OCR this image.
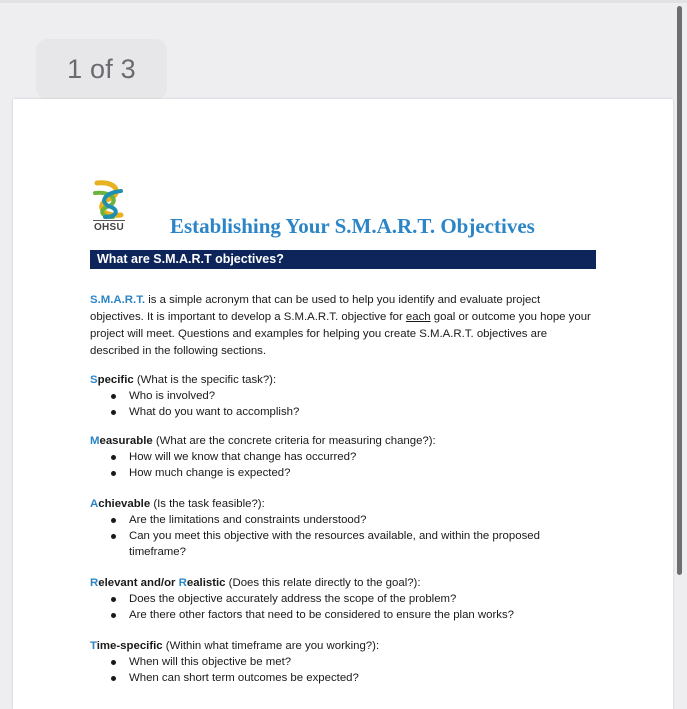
1 of 3
OHSU Establishing Your S.M.A.R.T. Objectives
What are S.M.A.R.T objectives?

S.M.A.R.T. is a simple acronym that can be used to help you identify and evaluate project objectives. It is important to develop a S.M.A.R.T. objective for each goal or outcome you hope your project will meet. Questions and examples for helping you create S.M.A.R.T. objectives are described in the following sections.

Specific (What is the specific task?):
Who is involved?
What do you want to accomplish?
Measurable (What are the concrete criteria for measuring change?):
How will we know that change has occurred?
How much change is expected?
Achievable (Is the task feasible?):
Are the limitations and constraints understood?
Can you meet this objective with the resources available, and within the proposed timeframe?
Relevant and/or Realistic (Does this relate directly to the goal?):
Does the objective accurately address the scope of the problem?
Are there other factors that need to be considered to ensure the plan works?
Time-specific (Within what timeframe are you working?):
When will this objective be met?
When can short term outcomes be expected?
